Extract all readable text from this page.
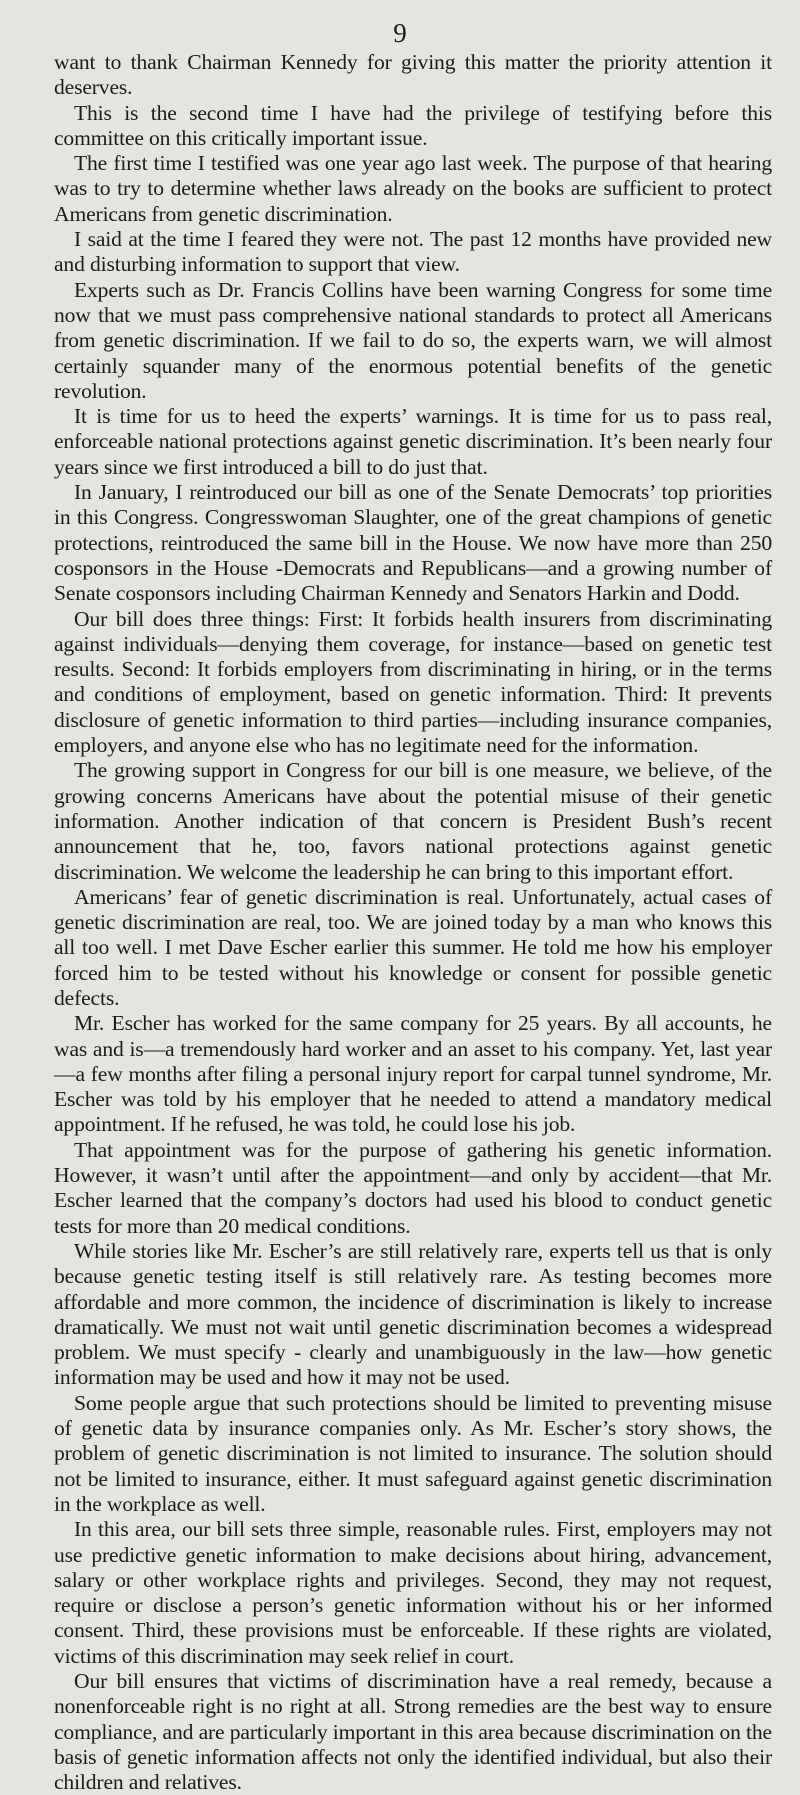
9

want to thank Chairman Kennedy for giving this matter the priority attention it deserves.

This is the second time I have had the privilege of testifying before this committee on this critically important issue.

The first time I testified was one year ago last week. The purpose of that hearing was to try to determine whether laws already on the books are sufficient to protect Americans from genetic discrimination.

I said at the time I feared they were not. The past 12 months have provided new and disturbing information to support that view.

Experts such as Dr. Francis Collins have been warning Congress for some time now that we must pass comprehensive national standards to protect all Americans from genetic discrimination. If we fail to do so, the experts warn, we will almost certainly squander many of the enormous potential benefits of the genetic revolution.

It is time for us to heed the experts’ warnings. It is time for us to pass real, enforceable national protections against genetic discrimination. It’s been nearly four years since we first introduced a bill to do just that.

In January, I reintroduced our bill as one of the Senate Democrats’ top priorities in this Congress. Congresswoman Slaughter, one of the great champions of genetic protections, reintroduced the same bill in the House. We now have more than 250 cosponsors in the House -Democrats and Republicans—and a growing number of Senate cosponsors including Chairman Kennedy and Senators Harkin and Dodd.

Our bill does three things: First: It forbids health insurers from discriminating against individuals—denying them coverage, for instance—based on genetic test results. Second: It forbids employers from discriminating in hiring, or in the terms and conditions of employment, based on genetic information. Third: It prevents disclosure of genetic information to third parties—including insurance companies, employers, and anyone else who has no legitimate need for the information.

The growing support in Congress for our bill is one measure, we believe, of the growing concerns Americans have about the potential misuse of their genetic information. Another indication of that concern is President Bush’s recent announcement that he, too, favors national protections against genetic discrimination. We welcome the leadership he can bring to this important effort.

Americans’ fear of genetic discrimination is real. Unfortunately, actual cases of genetic discrimination are real, too. We are joined today by a man who knows this all too well. I met Dave Escher earlier this summer. He told me how his employer forced him to be tested without his knowledge or consent for possible genetic defects.

Mr. Escher has worked for the same company for 25 years. By all accounts, he was and is—a tremendously hard worker and an asset to his company. Yet, last year—a few months after filing a personal injury report for carpal tunnel syndrome, Mr. Escher was told by his employer that he needed to attend a mandatory medical appointment. If he refused, he was told, he could lose his job.

That appointment was for the purpose of gathering his genetic information. However, it wasn’t until after the appointment—and only by accident—that Mr. Escher learned that the company’s doctors had used his blood to conduct genetic tests for more than 20 medical conditions.

While stories like Mr. Escher’s are still relatively rare, experts tell us that is only because genetic testing itself is still relatively rare. As testing becomes more affordable and more common, the incidence of discrimination is likely to increase dramatically. We must not wait until genetic discrimination becomes a widespread problem. We must specify - clearly and unambiguously in the law—how genetic information may be used and how it may not be used.

Some people argue that such protections should be limited to preventing misuse of genetic data by insurance companies only. As Mr. Escher’s story shows, the problem of genetic discrimination is not limited to insurance. The solution should not be limited to insurance, either. It must safeguard against genetic discrimination in the workplace as well.

In this area, our bill sets three simple, reasonable rules. First, employers may not use predictive genetic information to make decisions about hiring, advancement, salary or other workplace rights and privileges. Second, they may not request, require or disclose a person’s genetic information without his or her informed consent. Third, these provisions must be enforceable. If these rights are violated, victims of this discrimination may seek relief in court.

Our bill ensures that victims of discrimination have a real remedy, because a nonenforceable right is no right at all. Strong remedies are the best way to ensure compliance, and are particularly important in this area because discrimination on the basis of genetic information affects not only the identified individual, but also their children and relatives.
